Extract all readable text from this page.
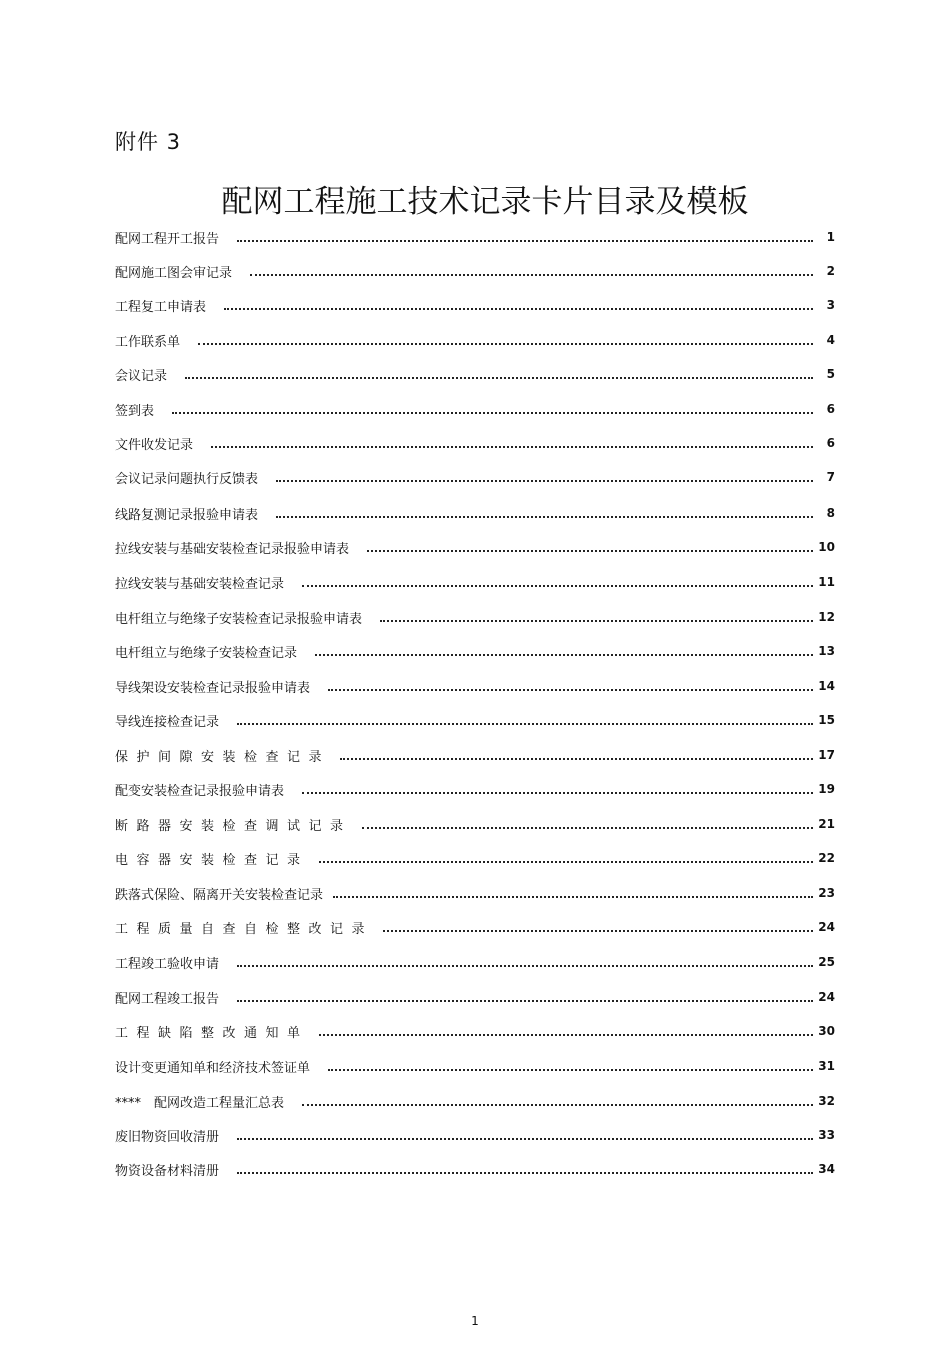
附件 3
配网工程施工技术记录卡片目录及模板
配网工程开工报告	1
配网施工图会审记录	2
工程复工申请表	3
工作联系单	4
会议记录	5
签到表	6
文件收发记录	6
会议记录问题执行反馈表	7
线路复测记录报验申请表	8
拉线安装与基础安装检查记录报验申请表	10
拉线安装与基础安装检查记录	11
电杆组立与绝缘子安装检查记录报验申请表	12
电杆组立与绝缘子安装检查记录	13
导线架设安装检查记录报验申请表	14
导线连接检查记录	15
保护间隙安装检查记录	17
配变安装检查记录报验申请表	19
断路器安装检查调试记录	21
电容器安装检查记录	22
跌落式保险、隔离开关安装检查记录	23
工程质量自查自检整改记录	24
工程竣工验收申请	25
配网工程竣工报告	24
工程缺陷整改通知单	30
设计变更通知单和经济技术签证单	31
****　配网改造工程量汇总表	32
废旧物资回收清册	33
物资设备材料清册	34
1
